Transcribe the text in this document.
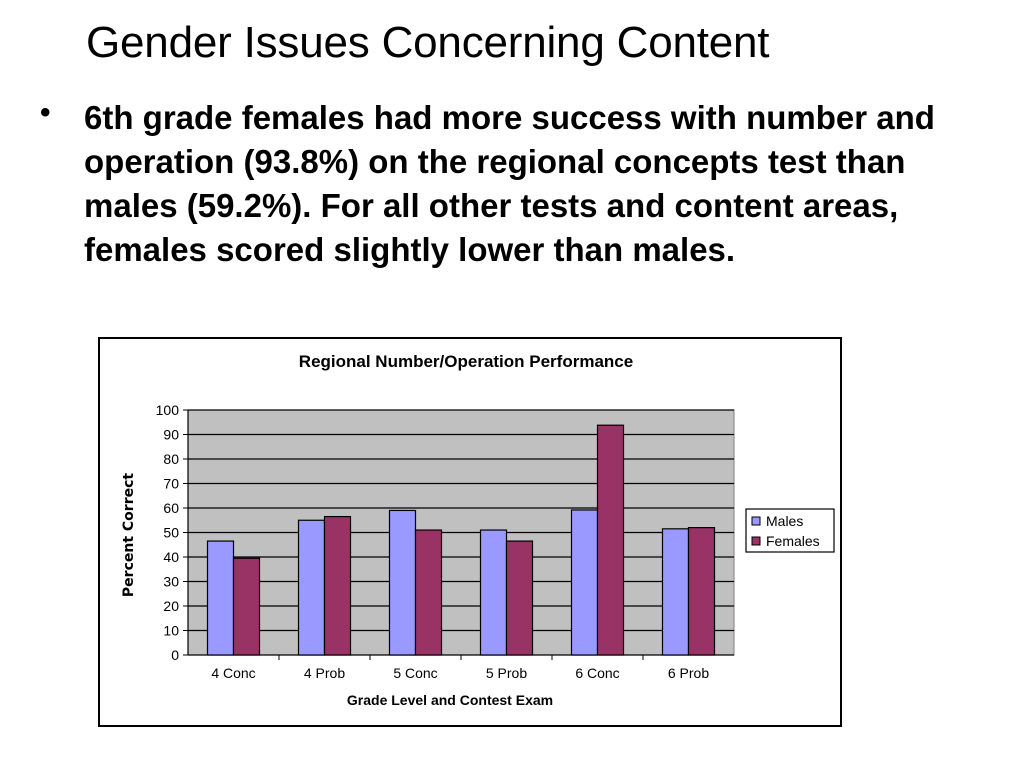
Gender Issues Concerning Content
• 6th grade females had more success with number and operation (93.8%) on the regional concepts test than males (59.2%). For all other tests and content areas, females scored slightly lower than males.

Regional Number/Operation Performance
Percent Correct
Grade Level and Contest Exam
0
10
20
30
40
50
60
70
80
90
100
4 Conc	4 Prob	5 Conc	5 Prob	6 Conc	6 Prob
Males
Females
